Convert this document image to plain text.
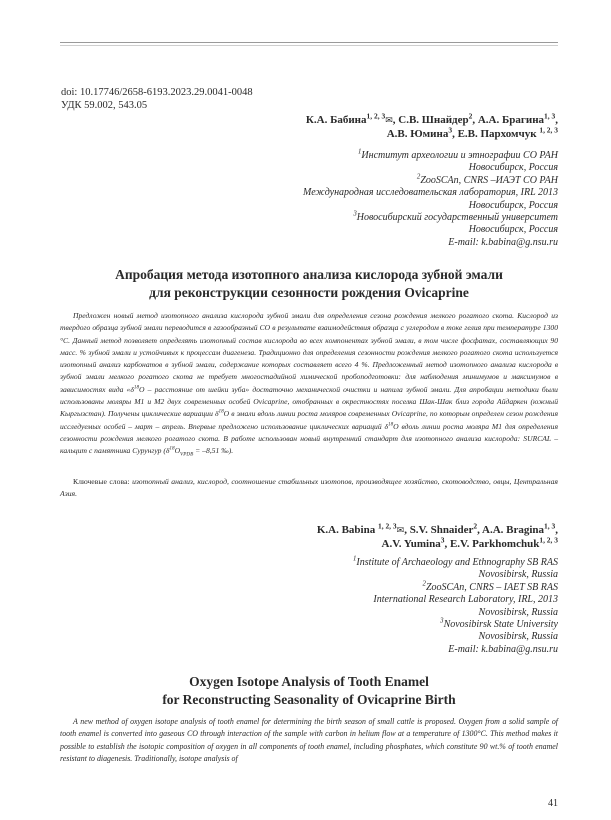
doi: 10.17746/2658-6193.2023.29.0041-0048
УДК 59.002, 543.05
К.А. Бабина$^{1, 2, 3}$✉, С.В. Шнайдер$^2$, А.А. Брагина$^{1, 3}$,
А.В. Юмина$^3$, Е.В. Пархомчук $^{1, 2, 3}$
$^1$Институт археологии и этнографии СО РАН
Новосибирск, Россия
$^2$ZooSCAn, CNRS –ИАЭТ СО РАН
Международная исследовательская лаборатория, IRL 2013
Новосибирск, Россия
$^3$Новосибирский государственный университет
Новосибирск, Россия
E-mail: k.babina@g.nsu.ru
Апробация метода изотопного анализа кислорода зубной эмали
для реконструкции сезонности рождения Ovicaprine

Предложен новый метод изотопного анализа кислорода зубной эмали для определения сезона рождения мелкого рогатого скота. Кислород из твердого образца зубной эмали переводится в газообразный CO в результате взаимодействия образца с углеродом в токе гелия при температуре 1300 °C. Данный метод позволяет определять изотопный состав кислорода во всех компонентах зубной эмали, в том числе фосфатах, составляющих 90 масс. % зубной эмали и устойчивых к процессам диагенеза. Традиционно для определения сезонности рождения мелкого рогатого скота используется изотопный анализ карбонатов в зубной эмали, содержание которых составляет всего 4 %. Предложенный метод изотопного анализа кислорода в зубной эмали мелкого рогатого скота не требует многостадийной химической пробоподготовки: для наблюдения минимумов и максимумов в зависимостях вида «$\delta^{18}O$ – расстояние от шейки зуба» достаточно механической очистки и напила зубной эмали. Для апробации методики были использованы моляры M1 и M2 двух современных особей Ovicaprine, отобранных в окрестностях поселка Шак-Шак близ города Айдаркен (южный Кыргызстан). Получены циклические вариации $\delta^{18}O$ в эмали вдоль линии роста моляров современных Ovicaprine, по которым определен сезон рождения исследуемых особей – март – апрель. Впервые предложено использование циклических вариаций $\delta^{18}O$ вдоль линии роста моляра M1 для определения сезонности рождения мелкого рогатого скота. В работе использован новый внутренний стандарт для изотопного анализа кислорода: SURCAL – кальцит с памятника Сурунгур ($\delta^{18}O_{VPDB} = -8,51$ ‰).

Ключевые слова: изотопный анализ, кислород, соотношение стабильных изотопов, производящее хозяйство, скотоводство, овцы, Центральная Азия.

K.A. Babina $^{1, 2, 3}$✉, S.V. Shnaider$^2$, A.A. Bragina$^{1, 3}$,
A.V. Yumina$^3$, E.V. Parkhomchuk$^{1, 2, 3}$
$^1$Institute of Archaeology and Ethnography SB RAS
Novosibirsk, Russia
$^2$ZooSCAn, CNRS – IAET SB RAS
International Research Laboratory, IRL, 2013
Novosibirsk, Russia
$^3$Novosibirsk State University
Novosibirsk, Russia
E-mail: k.babina@g.nsu.ru
Oxygen Isotope Analysis of Tooth Enamel
for Reconstructing Seasonality of Ovicaprine Birth

A new method of oxygen isotope analysis of tooth enamel for determining the birth season of small cattle is proposed. Oxygen from a solid sample of tooth enamel is converted into gaseous CO through interaction of the sample with carbon in helium flow at a temperature of 1300°C. This method makes it possible to establish the isotopic composition of oxygen in all components of tooth enamel, including phosphates, which constitute 90 wt.% of tooth enamel resistant to diagenesis. Traditionally, isotope analysis of

41
